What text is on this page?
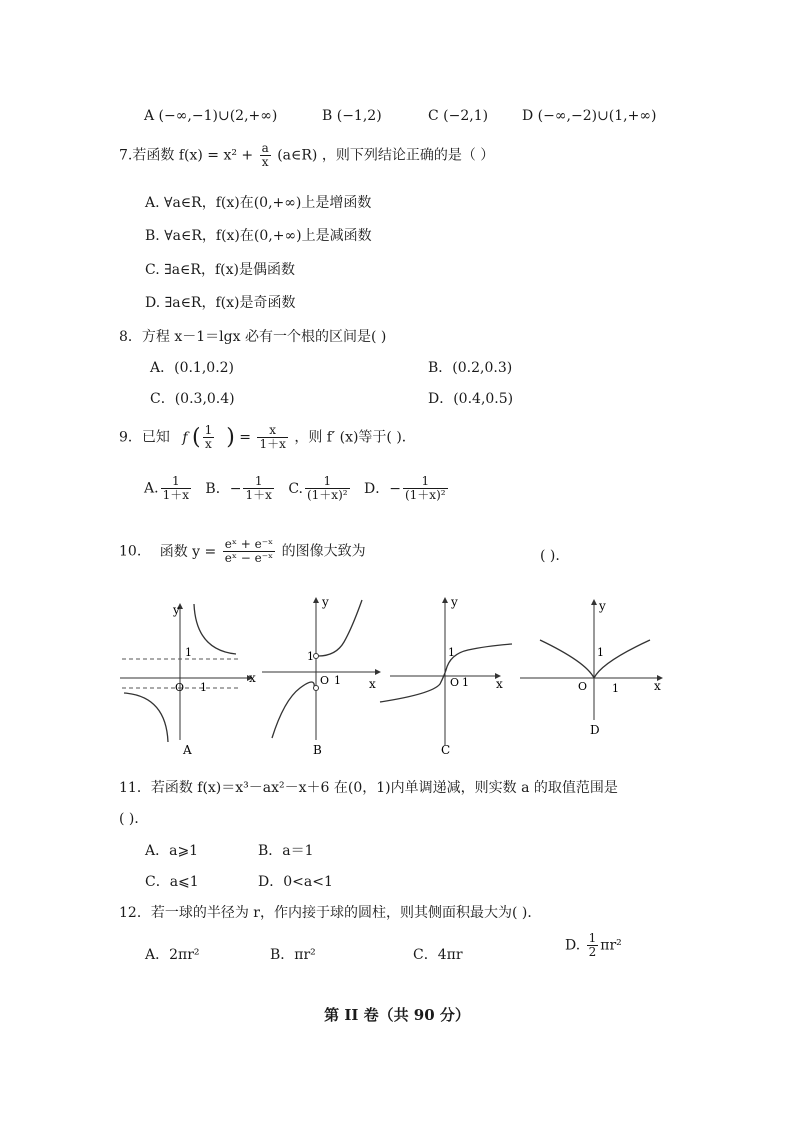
A (−∞,−1)∪(2,+∞)	B (−1,2)	C (−2,1) D (−∞,−2)∪(1,+∞)
7.若函数 $f(x) = x^2 + \frac{a}{x}$ (a∈R) ，则下列结论正确的是（ ）
A. ∀a∈R，f(x)在(0,+∞)上是增函数
B. ∀a∈R，f(x)在(0,+∞)上是减函数
C. ∃a∈R，f(x)是偶函数
D. ∃a∈R，f(x)是奇函数
8．方程 x－1＝lgx 必有一个根的区间是( )
A．(0.1,0.2)	B．(0.2,0.3)
C．(0.3,0.4)	D．(0.4,0.5)
9．已知 f ( $\frac{1}{x}$ ) = $\frac{x}{1+x}$ ，则 f′ (x)等于( )．
A. $\frac{1}{1+x}$ B．− $\frac{1}{1+x} C$. $\frac{1}{\text{(1＋x)²}}$ D．− $\frac{1}{\text{(1＋x)²}}$
10. 函数 $y = \frac{\text{eˣ + e⁻ˣ}}{\text{eˣ − e⁻ˣ}}$ 的图像大致为	( ).
y
x
O 1
1
A
y
x
O 1
1
B
y
x
O 1
1
C
y
x
O 1
1
D
11．若函数 f(x)＝x³－ax²－x＋6 在(0，1)内单调递减，则实数 a 的取值范围是
( )．
A．a⩾1	B．a＝1
C．a⩽1	D．0<a<1
12．若一球的半径为 r，作内接于球的圆柱，则其侧面积最大为( )．
A．2πr²	B．πr²	C．4πr
D. $\frac{1}{2} \pi r^2$
第 II 卷（共 90 分）
